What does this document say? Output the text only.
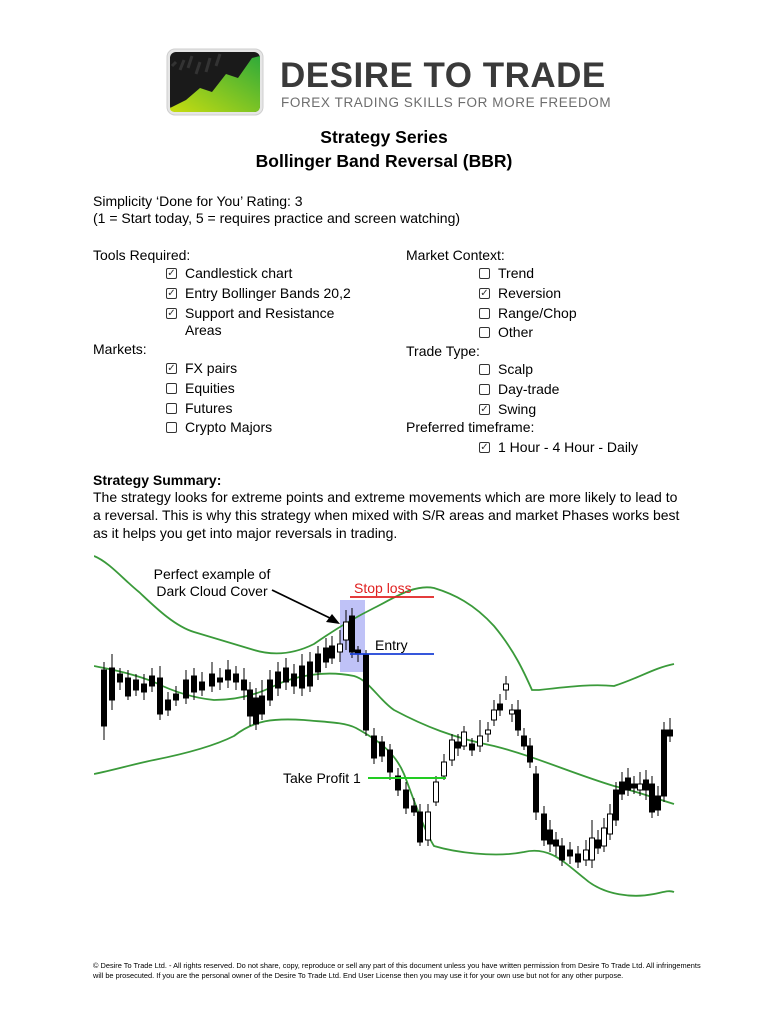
DESIRE TO TRADE
FOREX TRADING SKILLS FOR MORE FREEDOM
Strategy Series
Bollinger Band Reversal (BBR)
Simplicity ‘Done for You’ Rating: 3
(1 = Start today, 5 = requires practice and screen watching)
Tools Required:
✓ Candlestick chart
✓ Entry Bollinger Bands 20,2
✓ Support and Resistance
Areas
Markets:
✓ FX pairs
Equities
Futures
Crypto Majors
Market Context:
Trend
✓ Reversion
Range/Chop
Other
Trade Type:
Scalp
Day-trade
✓ Swing
Preferred timeframe:
✓ 1 Hour - 4 Hour - Daily
Strategy Summary:
The strategy looks for extreme points and extreme movements which are more likely to lead to a reversal. This is why this strategy when mixed with S/R areas and market Phases works best as it helps you get into major reversals in trading.
Perfect example of
Dark Cloud Cover	Stop loss
Entry
Take Profit 1
© Desire To Trade Ltd. - All rights reserved. Do not share, copy, reproduce or sell any part of this document unless you have written permission from Desire To Trade Ltd. All infringements will be prosecuted. If you are the personal owner of the Desire To Trade Ltd. End User License then you may use it for your own use but not for any other purpose.
